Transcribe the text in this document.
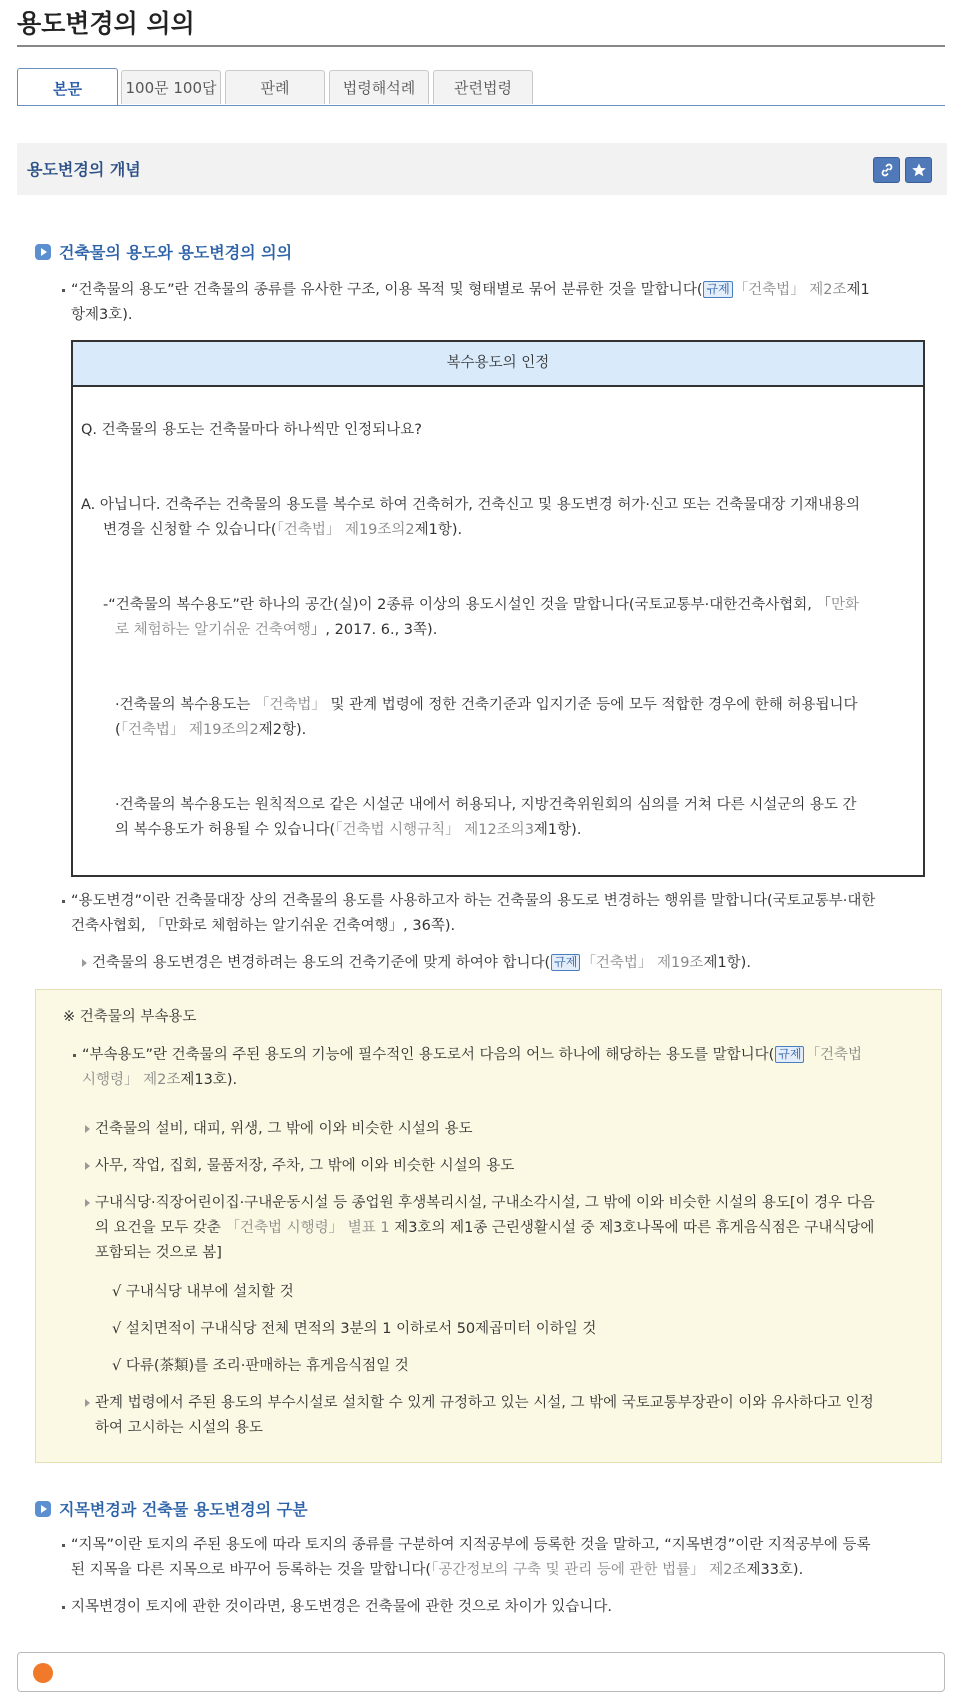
용도변경의 의의
본문	100문 100답	판례	법령해석례	관련법령
용도변경의 개념
건축물의 용도와 용도변경의 의의
“건축물의 용도”란 건축물의 종류를 유사한 구조, 이용 목적 및 형태별로 묶어 분류한 것을 말합니다( 규제 「건축법」 제2조제1
항제3호).
복수용도의 인정
Q. 건축물의 용도는 건축물마다 하나씩만 인정되나요?
A. 아닙니다. 건축주는 건축물의 용도를 복수로 하여 건축허가, 건축신고 및 용도변경 허가·신고 또는 건축물대장 기재내용의
변경을 신청할 수 있습니다(「건축법」 제19조의2제1항).
-“건축물의 복수용도”란 하나의 공간(실)이 2종류 이상의 용도시설인 것을 말합니다(국토교통부·대한건축사협회, 「만화
로 체험하는 알기쉬운 건축여행」, 2017. 6., 3쪽).
·건축물의 복수용도는 「건축법」 및 관계 법령에 정한 건축기준과 입지기준 등에 모두 적합한 경우에 한해 허용됩니다
(「건축법」 제19조의2제2항).
·건축물의 복수용도는 원칙적으로 같은 시설군 내에서 허용되나, 지방건축위원회의 심의를 거쳐 다른 시설군의 용도 간
의 복수용도가 허용될 수 있습니다(「건축법 시행규칙」 제12조의3제1항).
“용도변경”이란 건축물대장 상의 건축물의 용도를 사용하고자 하는 건축물의 용도로 변경하는 행위를 말합니다(국토교통부·대한
건축사협회, 「만화로 체험하는 알기쉬운 건축여행」, 36쪽).
건축물의 용도변경은 변경하려는 용도의 건축기준에 맞게 하여야 합니다( 규제 「건축법」 제19조제1항).
※ 건축물의 부속용도
“부속용도”란 건축물의 주된 용도의 기능에 필수적인 용도로서 다음의 어느 하나에 해당하는 용도를 말합니다( 규제 「건축법
시행령」 제2조제13호).
건축물의 설비, 대피, 위생, 그 밖에 이와 비슷한 시설의 용도
사무, 작업, 집회, 물품저장, 주차, 그 밖에 이와 비슷한 시설의 용도
구내식당·직장어린이집·구내운동시설 등 종업원 후생복리시설, 구내소각시설, 그 밖에 이와 비슷한 시설의 용도[이 경우 다음
의 요건을 모두 갖춘 「건축법 시행령」 별표 1 제3호의 제1종 근린생활시설 중 제3호나목에 따른 휴게음식점은 구내식당에
포함되는 것으로 봄]
√ 구내식당 내부에 설치할 것
√ 설치면적이 구내식당 전체 면적의 3분의 1 이하로서 50제곱미터 이하일 것
√ 다류(茶類)를 조리·판매하는 휴게음식점일 것
관계 법령에서 주된 용도의 부수시설로 설치할 수 있게 규정하고 있는 시설, 그 밖에 국토교통부장관이 이와 유사하다고 인정
하여 고시하는 시설의 용도
지목변경과 건축물 용도변경의 구분
“지목”이란 토지의 주된 용도에 따라 토지의 종류를 구분하여 지적공부에 등록한 것을 말하고, “지목변경”이란 지적공부에 등록
된 지목을 다른 지목으로 바꾸어 등록하는 것을 말합니다(「공간정보의 구축 및 관리 등에 관한 법률」 제2조제33호).
지목변경이 토지에 관한 것이라면, 용도변경은 건축물에 관한 것으로 차이가 있습니다.
